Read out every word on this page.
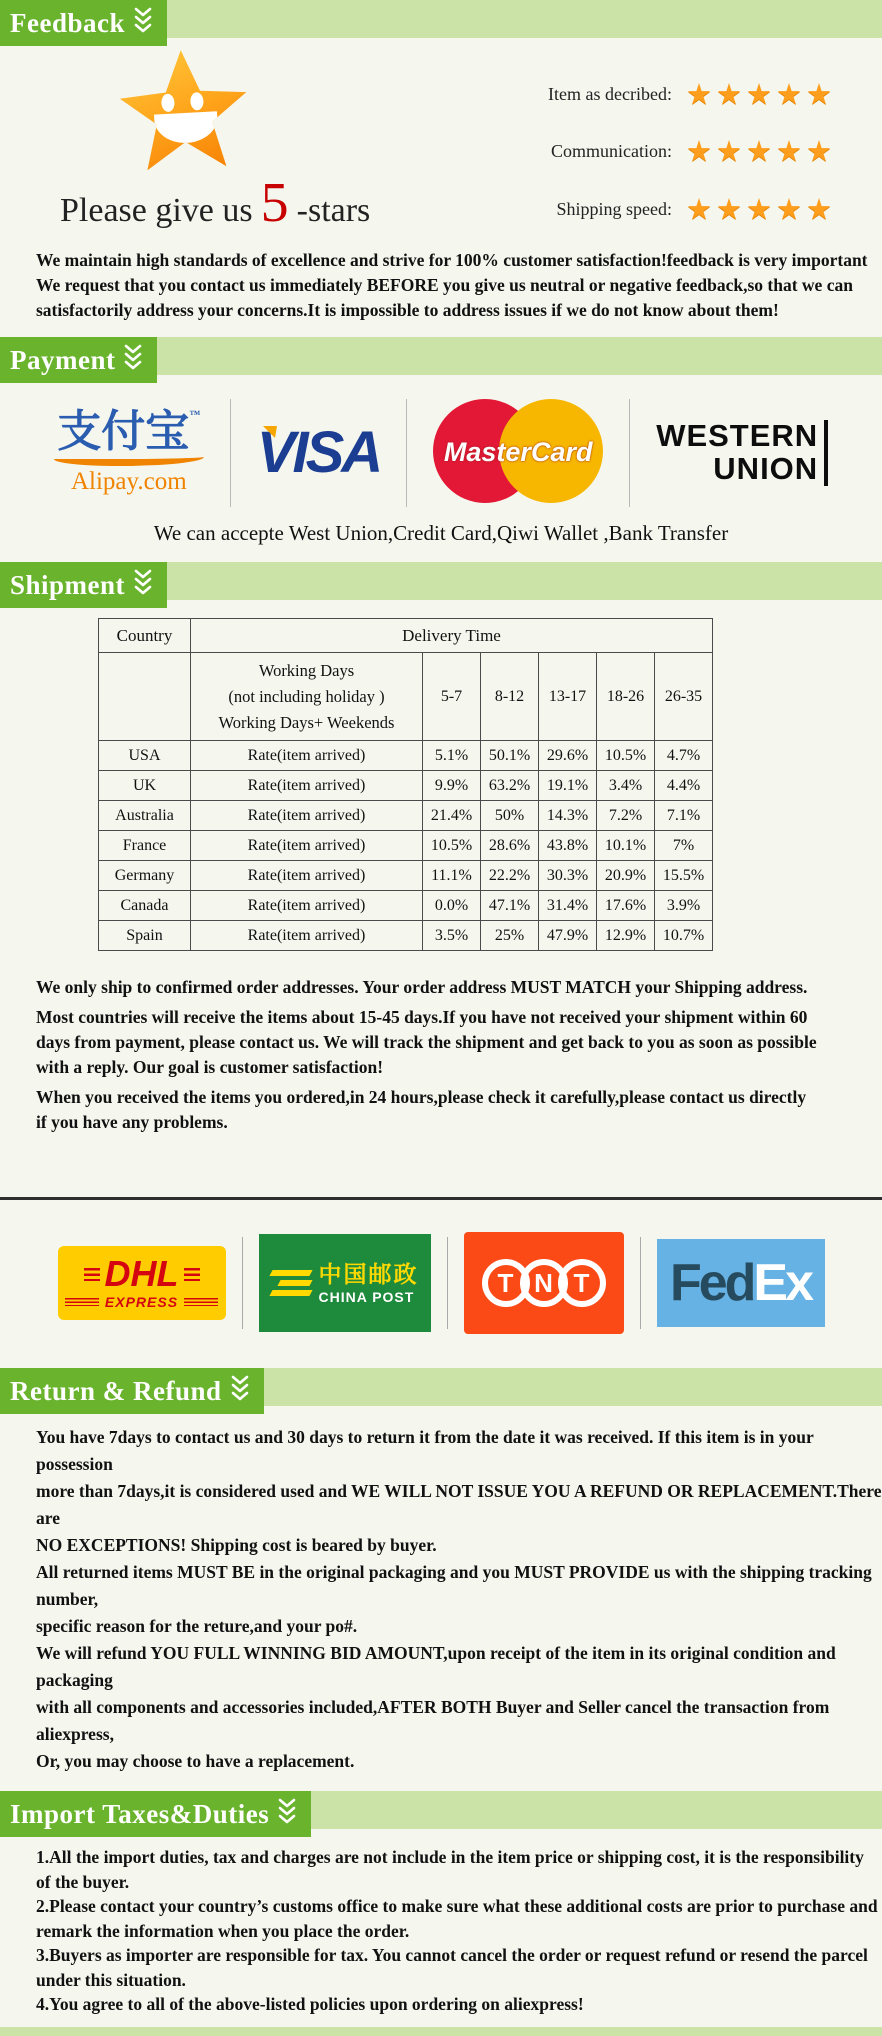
Feedback
Please give us 5 -stars
Item as decribed: ★★★★★
Communication: ★★★★★
Shipping speed: ★★★★★
We maintain high standards of excellence and strive for 100% customer satisfaction!feedback is very important
We request that you contact us immediately BEFORE you give us neutral or negative feedback,so that we can
satisfactorily address your concerns.It is impossible to address issues if we do not know about them!
Payment
支付宝™
Alipay.com VISA	MasterCard	WESTERN
UNION
We can accepte West Union,Credit Card,Qiwi Wallet ,Bank Transfer
Shipment
Country	Delivery Time					

	Working Days
(not including holiday )
Working Days+ Weekends	5-7	8-12	13-17	18-26	26-35
USA	Rate(item arrived)	5.1%	50.1%	29.6%	10.5%	4.7%
UK	Rate(item arrived)	9.9%	63.2%	19.1%	3.4%	4.4%
Australia	Rate(item arrived)	21.4%	50%	14.3%	7.2%	7.1%
France	Rate(item arrived)	10.5%	28.6%	43.8%	10.1%	7%
Germany	Rate(item arrived)	11.1%	22.2%	30.3%	20.9%	15.5%
Canada	Rate(item arrived)	0.0%	47.1%	31.4%	17.6%	3.9%
Spain	Rate(item arrived)	3.5%	25%	47.9%	12.9%	10.7%
We only ship to confirmed order addresses. Your order address MUST MATCH your Shipping address.
Most countries will receive the items about 15-45 days.If you have not received your shipment within 60
days from payment, please contact us. We will track the shipment and get back to you as soon as possible
with a reply. Our goal is customer satisfaction!
When you received the items you ordered,in 24 hours,please check it carefully,please contact us directly
if you have any problems.
DHL
EXPRESS
中国邮政
CHINA POST	T N T	Fed Ex
Return & Refund
You have 7days to contact us and 30 days to return it from the date it was received. If this item is in your possession
more than 7days,it is considered used and WE WILL NOT ISSUE YOU A REFUND OR REPLACEMENT.There are
NO EXCEPTIONS! Shipping cost is beared by buyer.
All returned items MUST BE in the original packaging and you MUST PROVIDE us with the shipping tracking number,
specific reason for the reture,and your po#.
We will refund YOU FULL WINNING BID AMOUNT,upon receipt of the item in its original condition and packaging
with all components and accessories included,AFTER BOTH Buyer and Seller cancel the transaction from aliexpress,
Or, you may choose to have a replacement.
Import Taxes&Duties
1.All the import duties, tax and charges are not include in the item price or shipping cost, it is the responsibility
of the buyer.
2.Please contact your country’s customs office to make sure what these additional costs are prior to purchase and
remark the information when you place the order.
3.Buyers as importer are responsible for tax. You cannot cancel the order or request refund or resend the parcel
under this situation.
4.You agree to all of the above-listed policies upon ordering on aliexpress!
